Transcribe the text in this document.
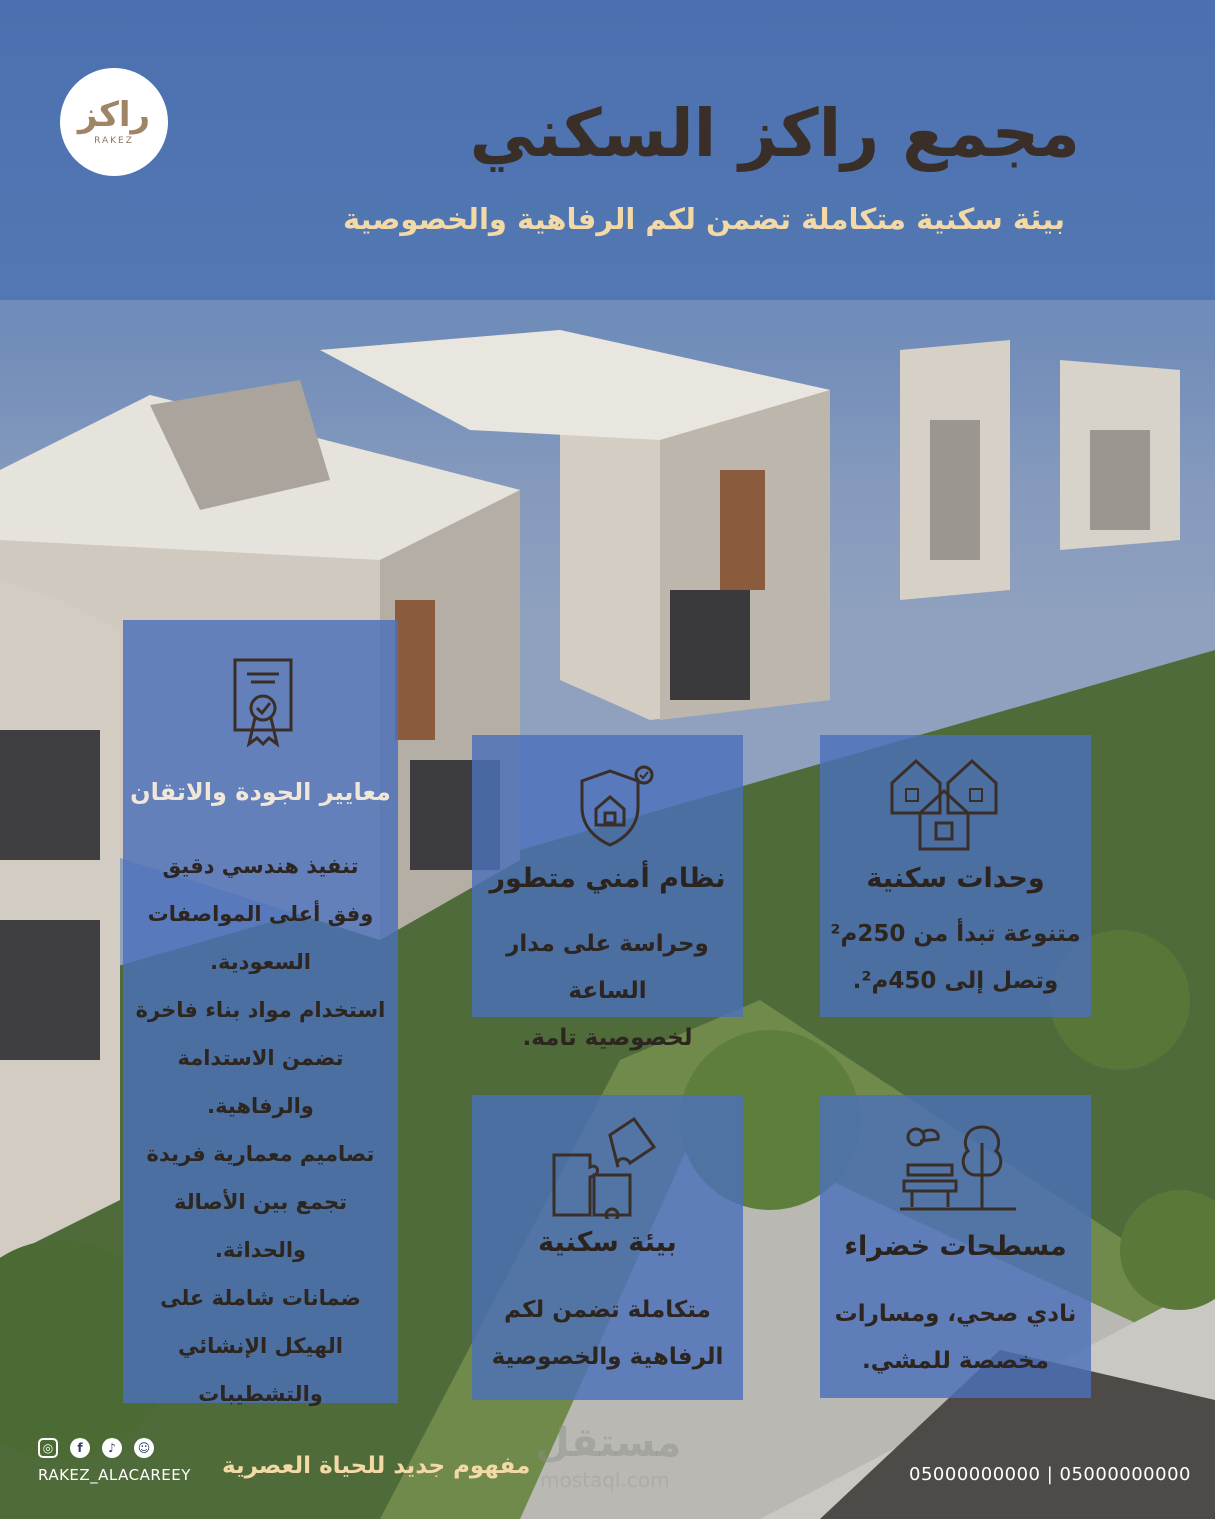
راكز
RAKEZ	مجمع راكز السكني
بيئة سكنية متكاملة تضمن لكم الرفاهية والخصوصية
معايير الجودة والاتقان
تنفيذ هندسي دقيق
وفق أعلى المواصفات
السعودية.
استخدام مواد بناء فاخرة
تضمن الاستدامة
والرفاهية.
تصاميم معمارية فريدة
تجمع بين الأصالة
والحداثة.
ضمانات شاملة على
الهيكل الإنشائي
والتشطيبات
نظام أمني متطور
وحراسة على مدار الساعة
لخصوصية تامة.
وحدات سكنية
متنوعة تبدأ من 250م²
وتصل إلى 450م².
بيئة سكنية
متكاملة تضمن لكم
الرفاهية والخصوصية
مسطحات خضراء
نادي صحي، ومسارات
مخصصة للمشي.
مستقل
mostaql.com
◎	f	♪	☺
RAKEZ_ALACAREEY مفهوم جديد للحياة العصرية	05000000000 | 05000000000
